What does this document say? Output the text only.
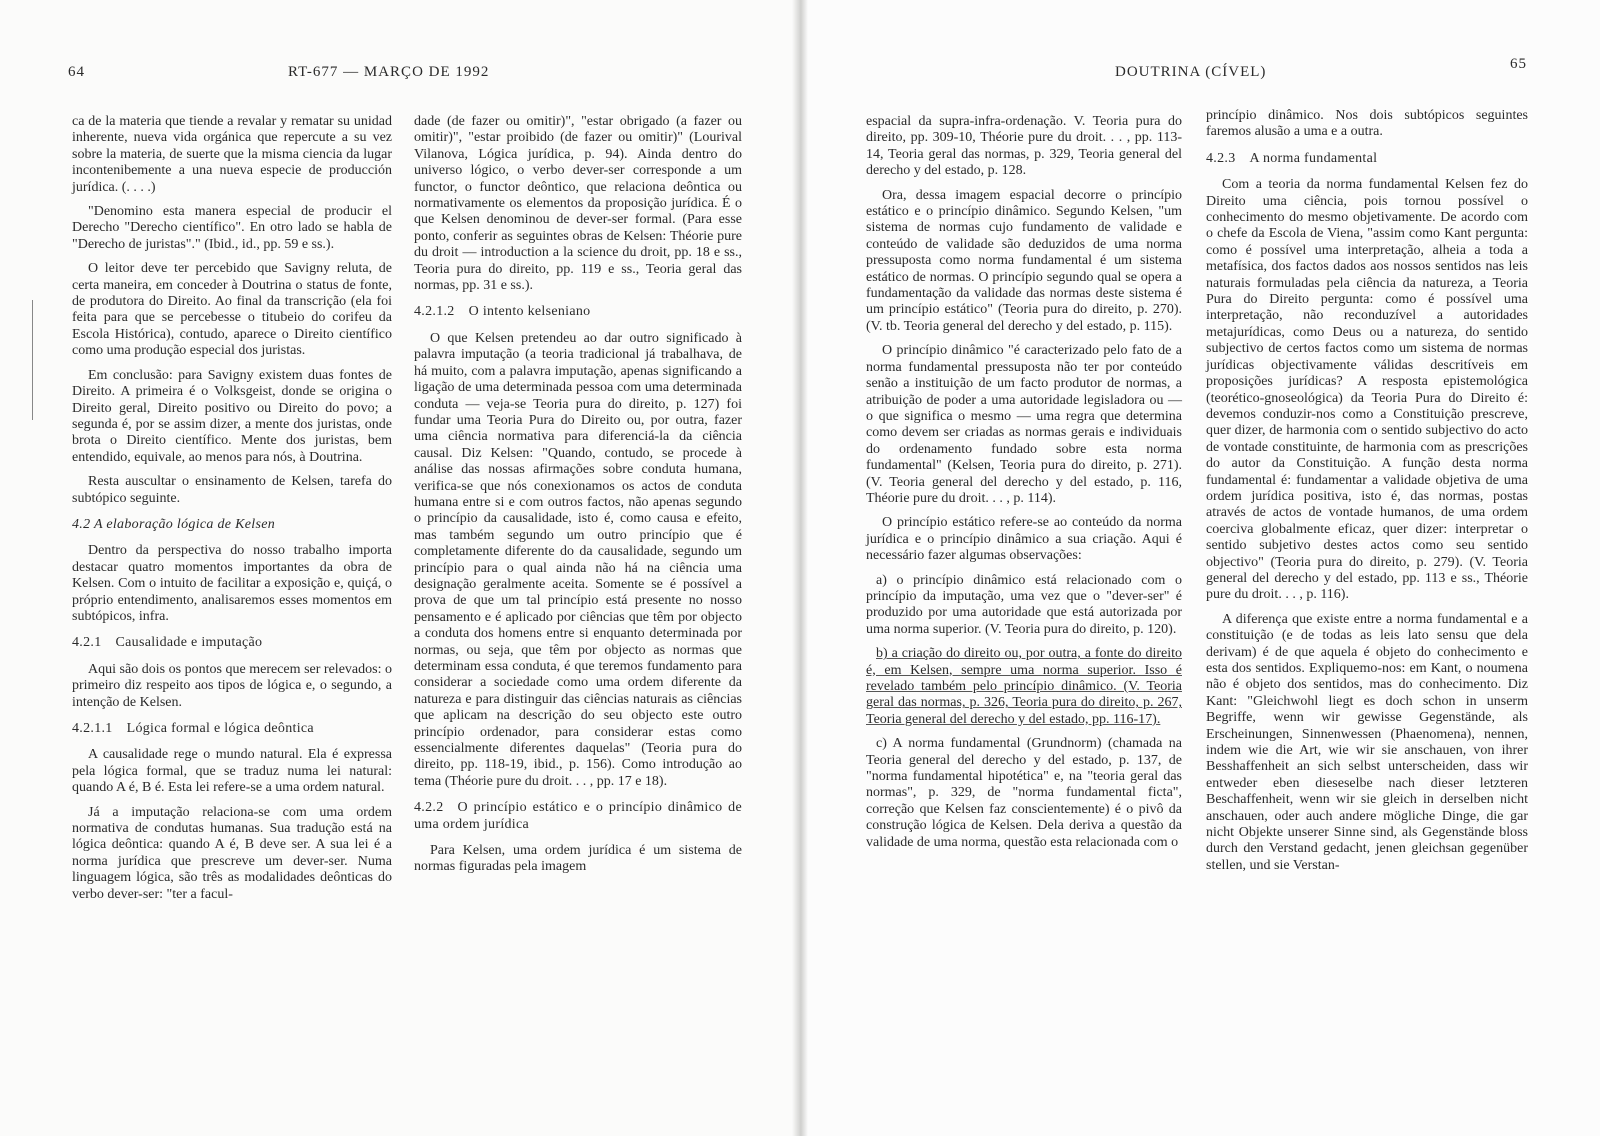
64	RT-677 — MARÇO DE 1992	DOUTRINA (CÍVEL)	65

ca de la materia que tiende a revalar y rematar su unidad inherente, nueva vida orgánica que repercute a su vez sobre la materia, de suerte que la misma ciencia da lugar incontenibemente a una nueva especie de producción jurídica. (. . . .)

"Denomino esta manera especial de producir el Derecho "Derecho científico". En otro lado se habla de "Derecho de juristas"." (Ibid., id., pp. 59 e ss.).

O leitor deve ter percebido que Savigny reluta, de certa maneira, em conceder à Doutrina o status de fonte, de produtora do Direito. Ao final da transcrição (ela foi feita para que se percebesse o titubeio do corifeu da Escola Histórica), contudo, aparece o Direito científico como uma produção especial dos juristas.

Em conclusão: para Savigny existem duas fontes de Direito. A primeira é o Volksgeist, donde se origina o Direito geral, Direito positivo ou Direito do povo; a segunda é, por se assim dizer, a mente dos juristas, onde brota o Direito científico. Mente dos juristas, bem entendido, equivale, ao menos para nós, à Doutrina.

Resta auscultar o ensinamento de Kelsen, tarefa do subtópico seguinte.

4.2 A elaboração lógica de Kelsen

Dentro da perspectiva do nosso trabalho importa destacar quatro momentos importantes da obra de Kelsen. Com o intuito de facilitar a exposição e, quiçá, o próprio entendimento, analisaremos esses momentos em subtópicos, infra.

4.2.1 Causalidade e imputação

Aqui são dois os pontos que merecem ser relevados: o primeiro diz respeito aos tipos de lógica e, o segundo, a intenção de Kelsen.

4.2.1.1 Lógica formal e lógica deôntica

A causalidade rege o mundo natural. Ela é expressa pela lógica formal, que se traduz numa lei natural: quando A é, B é. Esta lei refere-se a uma ordem natural.

Já a imputação relaciona-se com uma ordem normativa de condutas humanas. Sua tradução está na lógica deôntica: quando A é, B deve ser. A sua lei é a norma jurídica que prescreve um dever-ser. Numa linguagem lógica, são três as modalidades deônticas do verbo dever-ser: "ter a facul-

dade (de fazer ou omitir)", "estar obrigado (a fazer ou omitir)", "estar proibido (de fazer ou omitir)" (Lourival Vilanova, Lógica jurídica, p. 94). Ainda dentro do universo lógico, o verbo dever-ser corresponde a um functor, o functor deôntico, que relaciona deôntica ou normativamente os elementos da proposição jurídica. É o que Kelsen denominou de dever-ser formal. (Para esse ponto, conferir as seguintes obras de Kelsen: Théorie pure du droit — introduction a la science du droit, pp. 18 e ss., Teoria pura do direito, pp. 119 e ss., Teoria geral das normas, pp. 31 e ss.).

4.2.1.2 O intento kelseniano

O que Kelsen pretendeu ao dar outro significado à palavra imputação (a teoria tradicional já trabalhava, de há muito, com a palavra imputação, apenas significando a ligação de uma determinada pessoa com uma determinada conduta — veja-se Teoria pura do direito, p. 127) foi fundar uma Teoria Pura do Direito ou, por outra, fazer uma ciência normativa para diferenciá-la da ciência causal. Diz Kelsen: "Quando, contudo, se procede à análise das nossas afirmações sobre conduta humana, verifica-se que nós conexionamos os actos de conduta humana entre si e com outros factos, não apenas segundo o princípio da causalidade, isto é, como causa e efeito, mas também segundo um outro princípio que é completamente diferente do da causalidade, segundo um princípio para o qual ainda não há na ciência uma designação geralmente aceita. Somente se é possível a prova de que um tal princípio está presente no nosso pensamento e é aplicado por ciências que têm por objecto a conduta dos homens entre si enquanto determinada por normas, ou seja, que têm por objecto as normas que determinam essa conduta, é que teremos fundamento para considerar a sociedade como uma ordem diferente da natureza e para distinguir das ciências naturais as ciências que aplicam na descrição do seu objecto este outro princípio ordenador, para considerar estas como essencialmente diferentes daquelas" (Teoria pura do direito, pp. 118-19, ibid., p. 156). Como introdução ao tema (Théorie pure du droit. . . , pp. 17 e 18).

4.2.2 O princípio estático e o princípio dinâmico de uma ordem jurídica

Para Kelsen, uma ordem jurídica é um sistema de normas figuradas pela imagem

espacial da supra-infra-ordenação. V. Teoria pura do direito, pp. 309-10, Théorie pure du droit. . . , pp. 113-14, Teoria geral das normas, p. 329, Teoria general del derecho y del estado, p. 128.

Ora, dessa imagem espacial decorre o princípio estático e o princípio dinâmico. Segundo Kelsen, "um sistema de normas cujo fundamento de validade e conteúdo de validade são deduzidos de uma norma pressuposta como norma fundamental é um sistema estático de normas. O princípio segundo qual se opera a fundamentação da validade das normas deste sistema é um princípio estático" (Teoria pura do direito, p. 270). (V. tb. Teoria general del derecho y del estado, p. 115).

O princípio dinâmico "é caracterizado pelo fato de a norma fundamental pressuposta não ter por conteúdo senão a instituição de um facto produtor de normas, a atribuição de poder a uma autoridade legisladora ou — o que significa o mesmo — uma regra que determina como devem ser criadas as normas gerais e individuais do ordenamento fundado sobre esta norma fundamental" (Kelsen, Teoria pura do direito, p. 271). (V. Teoria general del derecho y del estado, p. 116, Théorie pure du droit. . . , p. 114).

O princípio estático refere-se ao conteúdo da norma jurídica e o princípio dinâmico a sua criação. Aqui é necessário fazer algumas observações:

a) o princípio dinâmico está relacionado com o princípio da imputação, uma vez que o "dever-ser" é produzido por uma autoridade que está autorizada por uma norma superior. (V. Teoria pura do direito, p. 120).

b) a criação do direito ou, por outra, a fonte do direito é, em Kelsen, sempre uma norma superior. Isso é revelado também pelo princípio dinâmico. (V. Teoria geral das normas, p. 326, Teoria pura do direito, p. 267, Teoria general del derecho y del estado, pp. 116-17).

c) A norma fundamental (Grundnorm) (chamada na Teoria general del derecho y del estado, p. 137, de "norma fundamental hipotética" e, na "teoria geral das normas", p. 329, de "norma fundamental ficta", correção que Kelsen faz conscientemente) é o pivô da construção lógica de Kelsen. Dela deriva a questão da validade de uma norma, questão esta relacionada com o

princípio dinâmico. Nos dois subtópicos seguintes faremos alusão a uma e a outra.

4.2.3 A norma fundamental

Com a teoria da norma fundamental Kelsen fez do Direito uma ciência, pois tornou possível o conhecimento do mesmo objetivamente. De acordo com o chefe da Escola de Viena, "assim como Kant pergunta: como é possível uma interpretação, alheia a toda a metafísica, dos factos dados aos nossos sentidos nas leis naturais formuladas pela ciência da natureza, a Teoria Pura do Direito pergunta: como é possível uma interpretação, não reconduzível a autoridades metajurídicas, como Deus ou a natureza, do sentido subjectivo de certos factos como um sistema de normas jurídicas objectivamente válidas descritíveis em proposições jurídicas? A resposta epistemológica (teorético-gnoseológica) da Teoria Pura do Direito é: devemos conduzir-nos como a Constituição prescreve, quer dizer, de harmonia com o sentido subjectivo do acto de vontade constituinte, de harmonia com as prescrições do autor da Constituição. A função desta norma fundamental é: fundamentar a validade objetiva de uma ordem jurídica positiva, isto é, das normas, postas através de actos de vontade humanos, de uma ordem coerciva globalmente eficaz, quer dizer: interpretar o sentido subjetivo destes actos como seu sentido objectivo" (Teoria pura do direito, p. 279). (V. Teoria general del derecho y del estado, pp. 113 e ss., Théorie pure du droit. . . , p. 116).

A diferença que existe entre a norma fundamental e a constituição (e de todas as leis lato sensu que dela derivam) é de que aquela é objeto do conhecimento e esta dos sentidos. Expliquemo-nos: em Kant, o noumena não é objeto dos sentidos, mas do conhecimento. Diz Kant: "Gleichwohl liegt es doch schon in unserm Begriffe, wenn wir gewisse Gegenstände, als Erscheinungen, Sinnenwessen (Phaenomena), nennen, indem wie die Art, wie wir sie anschauen, von ihrer Besshaffenheit an sich selbst unterscheiden, dass wir entweder eben dieseselbe nach dieser letzteren Beschaffenheit, wenn wir sie gleich in derselben nicht anschauen, oder auch andere mögliche Dinge, die gar nicht Objekte unserer Sinne sind, als Gegenstände bloss durch den Verstand gedacht, jenen gleichsan gegenüber stellen, und sie Verstan-
